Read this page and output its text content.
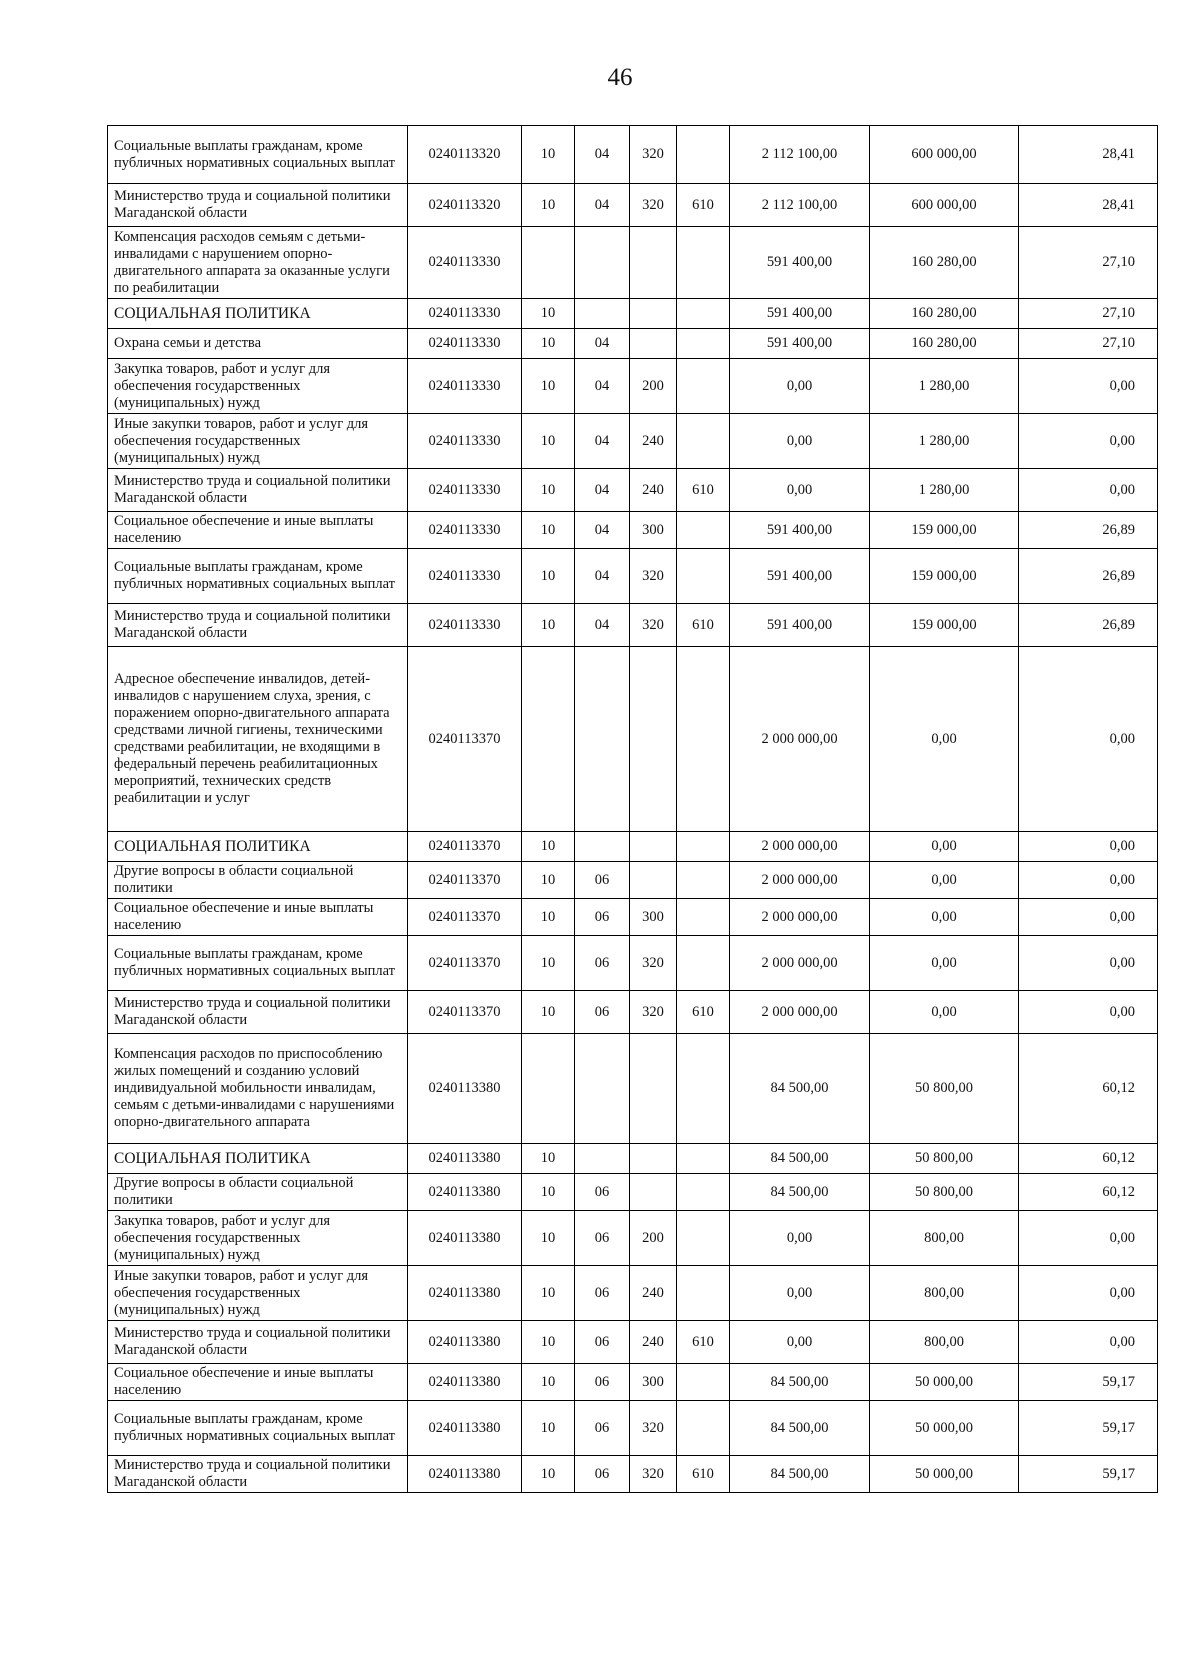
46
Социальные выплаты гражданам, кроме публичных нормативных социальных выплат	0240113320	10	04	320		2 112 100,00	600 000,00	28,41
Министерство труда и социальной политики Магаданской области	0240113320	10	04	320	610	2 112 100,00	600 000,00	28,41
Компенсация расходов семьям с детьми-инвалидами с нарушением опорно-двигательного аппарата за оказанные услуги по реабилитации	0240113330					591 400,00	160 280,00	27,10
СОЦИАЛЬНАЯ ПОЛИТИКА	0240113330	10				591 400,00	160 280,00	27,10
Охрана семьи и детства	0240113330	10	04			591 400,00	160 280,00	27,10
Закупка товаров, работ и услуг для обеспечения государственных (муниципальных) нужд	0240113330	10	04	200		0,00	1 280,00	0,00
Иные закупки товаров, работ и услуг для обеспечения государственных (муниципальных) нужд	0240113330	10	04	240		0,00	1 280,00	0,00
Министерство труда и социальной политики Магаданской области	0240113330	10	04	240	610	0,00	1 280,00	0,00
Социальное обеспечение и иные выплаты населению	0240113330	10	04	300		591 400,00	159 000,00	26,89
Социальные выплаты гражданам, кроме публичных нормативных социальных выплат	0240113330	10	04	320		591 400,00	159 000,00	26,89
Министерство труда и социальной политики Магаданской области	0240113330	10	04	320	610	591 400,00	159 000,00	26,89
Адресное обеспечение инвалидов, детей-инвалидов с нарушением слуха, зрения, с поражением опорно-двигательного аппарата средствами личной гигиены, техническими средствами реабилитации, не входящими в федеральный перечень реабилитационных мероприятий, технических средств реабилитации и услуг	0240113370					2 000 000,00	0,00	0,00
СОЦИАЛЬНАЯ ПОЛИТИКА	0240113370	10				2 000 000,00	0,00	0,00
Другие вопросы в области социальной политики	0240113370	10	06			2 000 000,00	0,00	0,00
Социальное обеспечение и иные выплаты населению	0240113370	10	06	300		2 000 000,00	0,00	0,00
Социальные выплаты гражданам, кроме публичных нормативных социальных выплат	0240113370	10	06	320		2 000 000,00	0,00	0,00
Министерство труда и социальной политики Магаданской области	0240113370	10	06	320	610	2 000 000,00	0,00	0,00
Компенсация расходов по приспособлению жилых помещений и созданию условий индивидуальной мобильности инвалидам, семьям с детьми-инвалидами с нарушениями опорно-двигательного аппарата	0240113380					84 500,00	50 800,00	60,12
СОЦИАЛЬНАЯ ПОЛИТИКА	0240113380	10				84 500,00	50 800,00	60,12
Другие вопросы в области социальной политики	0240113380	10	06			84 500,00	50 800,00	60,12
Закупка товаров, работ и услуг для обеспечения государственных (муниципальных) нужд	0240113380	10	06	200		0,00	800,00	0,00
Иные закупки товаров, работ и услуг для обеспечения государственных (муниципальных) нужд	0240113380	10	06	240		0,00	800,00	0,00
Министерство труда и социальной политики Магаданской области	0240113380	10	06	240	610	0,00	800,00	0,00
Социальное обеспечение и иные выплаты населению	0240113380	10	06	300		84 500,00	50 000,00	59,17
Социальные выплаты гражданам, кроме публичных нормативных социальных выплат	0240113380	10	06	320		84 500,00	50 000,00	59,17
Министерство труда и социальной политики Магаданской области	0240113380	10	06	320	610	84 500,00	50 000,00	59,17
